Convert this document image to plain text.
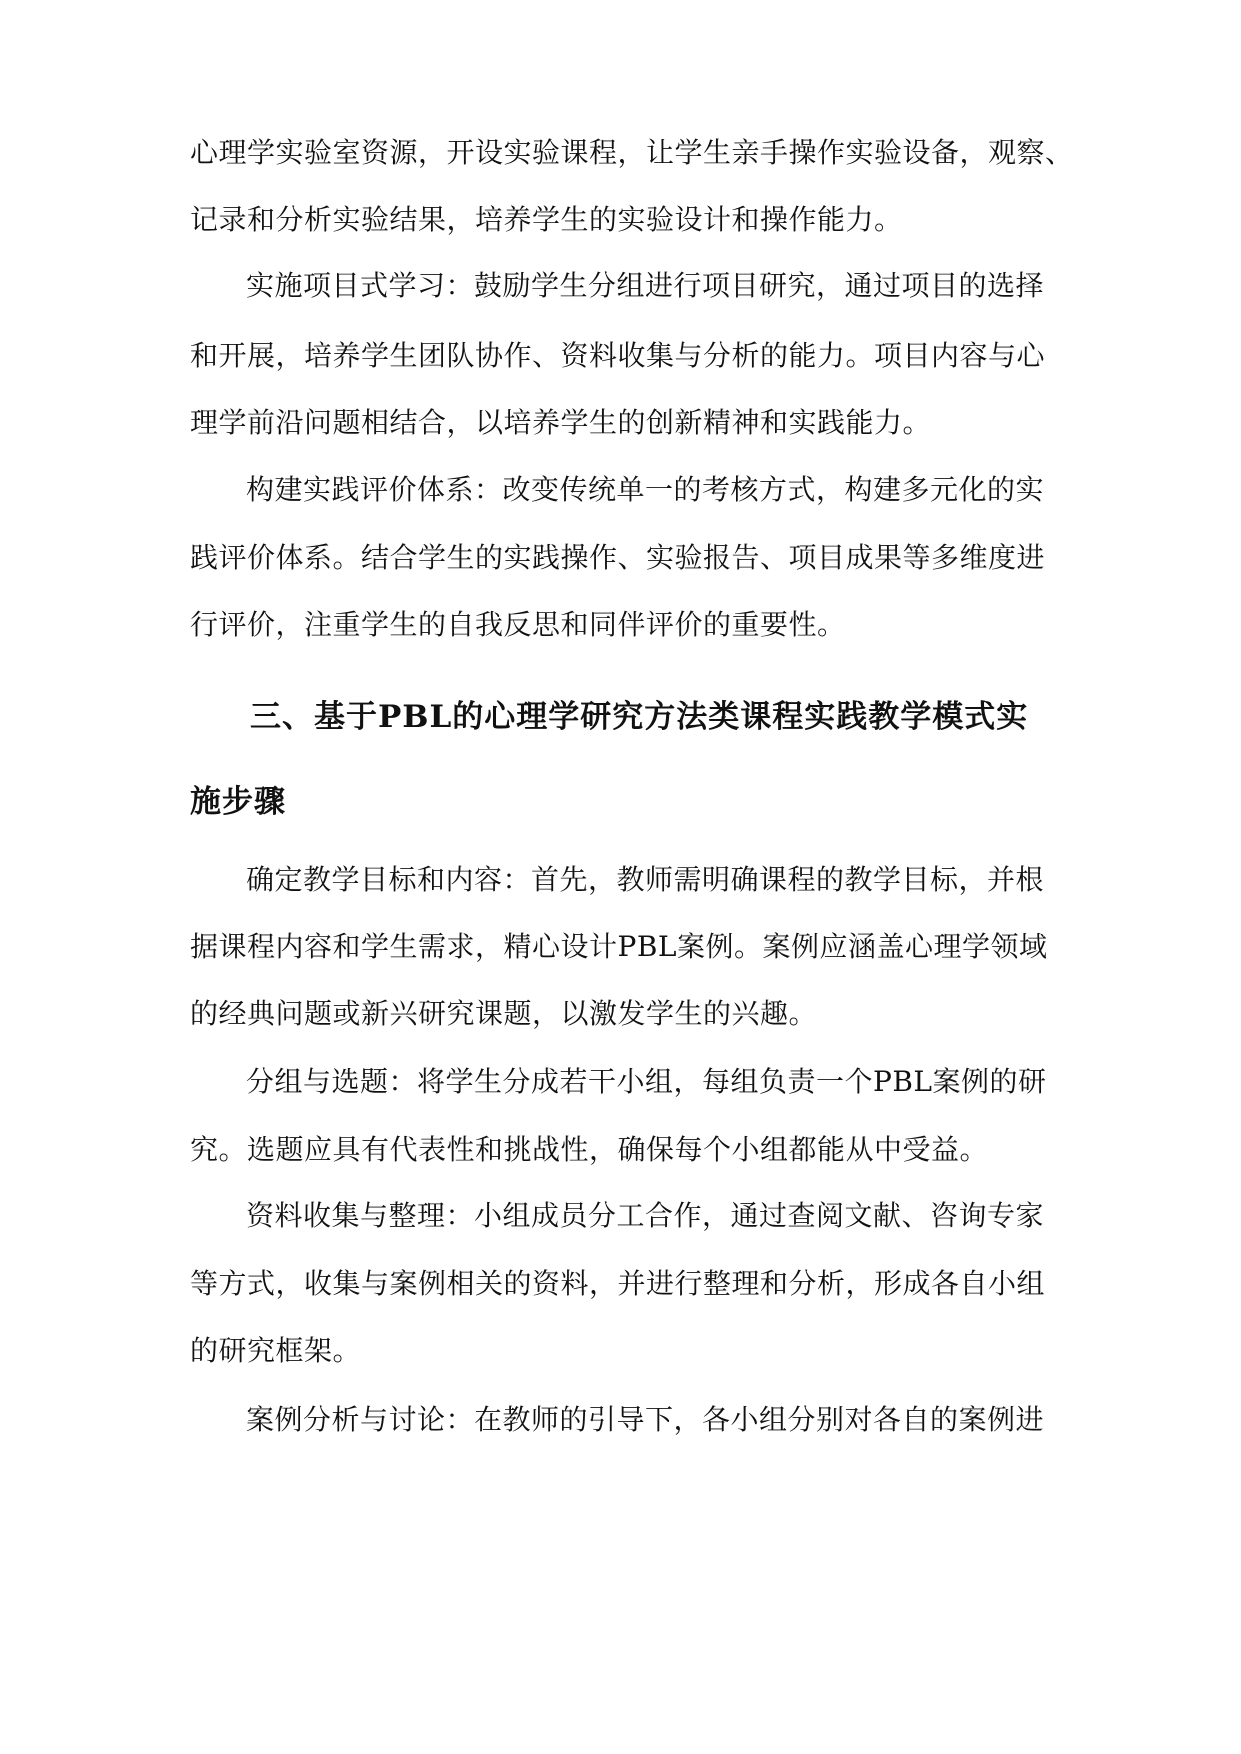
心理学实验室资源，开设实验课程，让学生亲手操作实验设备，观察、
记录和分析实验结果，培养学生的实验设计和操作能力。
实施项目式学习：鼓励学生分组进行项目研究，通过项目的选择
和开展，培养学生团队协作、资料收集与分析的能力。项目内容与心
理学前沿问题相结合，以培养学生的创新精神和实践能力。
构建实践评价体系：改变传统单一的考核方式，构建多元化的实
践评价体系。结合学生的实践操作、实验报告、项目成果等多维度进
行评价，注重学生的自我反思和同伴评价的重要性。
三、基于PBL的心理学研究方法类课程实践教学模式实
施步骤
确定教学目标和内容：首先，教师需明确课程的教学目标，并根
据课程内容和学生需求，精心设计PBL案例。案例应涵盖心理学领域
的经典问题或新兴研究课题，以激发学生的兴趣。
分组与选题：将学生分成若干小组，每组负责一个PBL案例的研
究。选题应具有代表性和挑战性，确保每个小组都能从中受益。
资料收集与整理：小组成员分工合作，通过查阅文献、咨询专家
等方式，收集与案例相关的资料，并进行整理和分析，形成各自小组
的研究框架。
案例分析与讨论：在教师的引导下，各小组分别对各自的案例进
